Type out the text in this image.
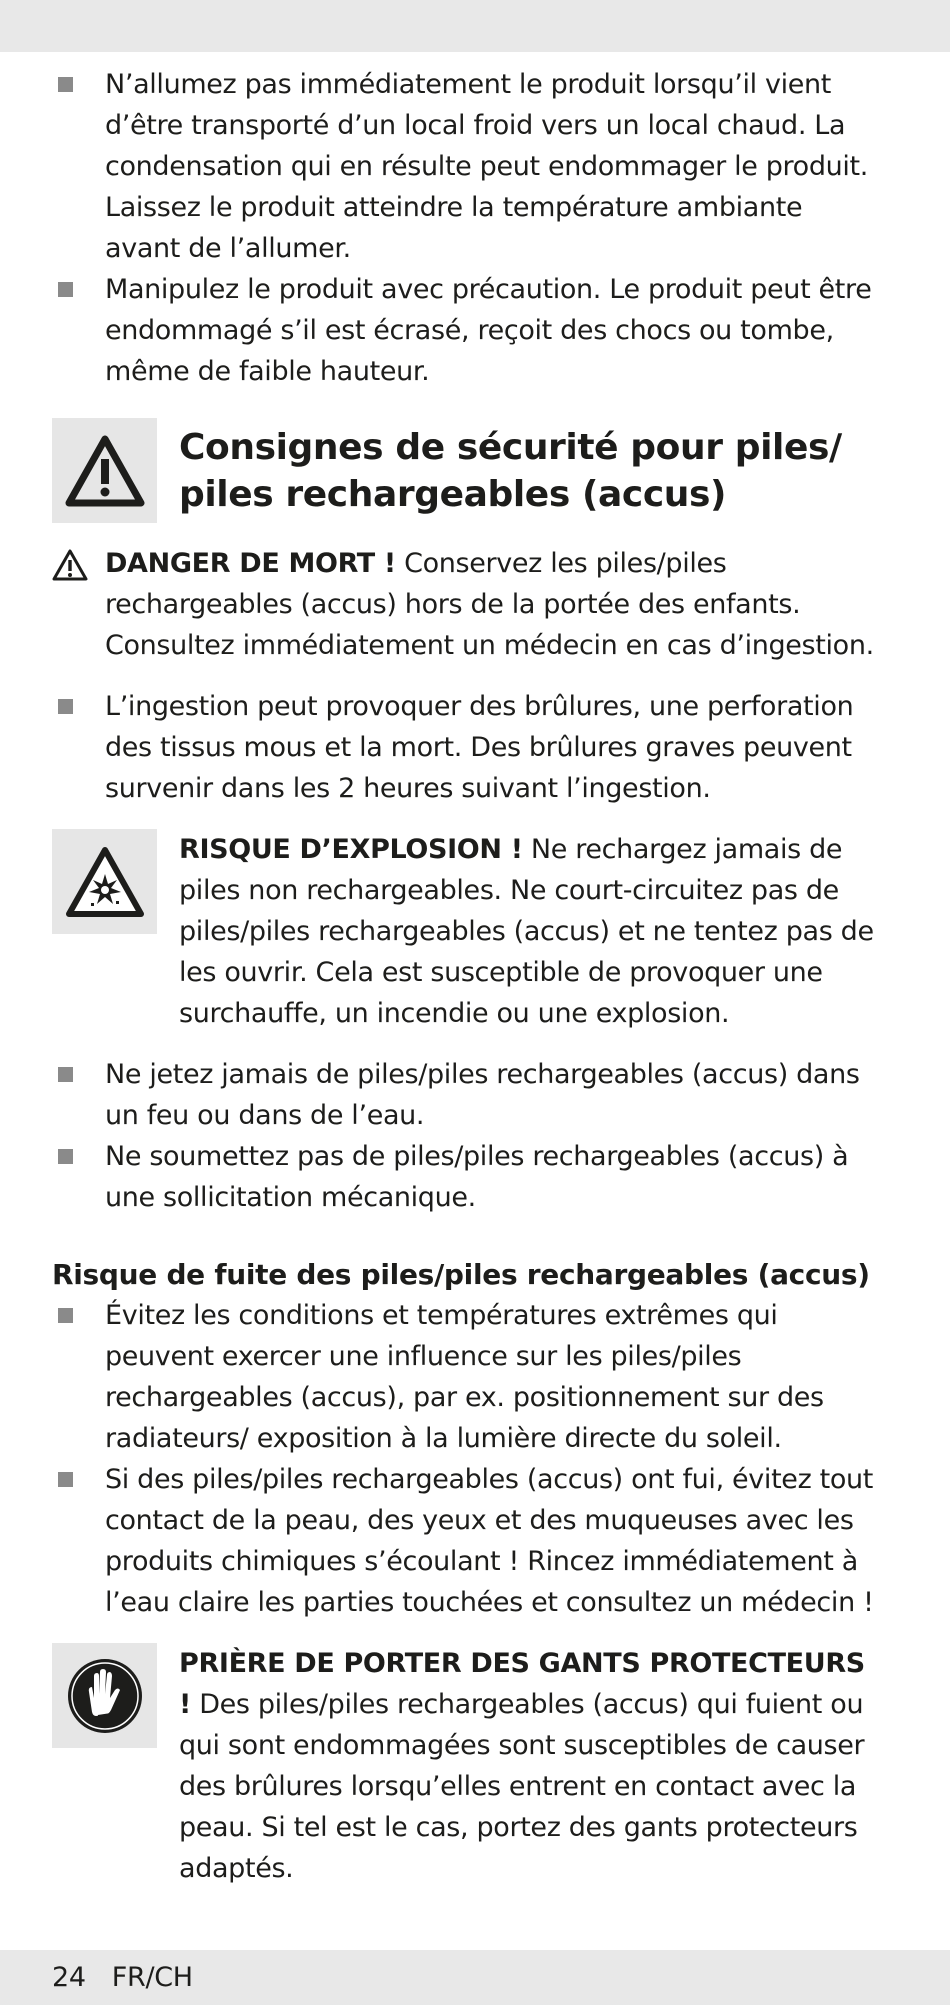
N’allumez pas immédiatement le produit lorsqu’il vient d’être transporté d’un local froid vers un local chaud. La condensation qui en résulte peut endommager le produit. Laissez le produit atteindre la température ambiante avant de l’allumer.
Manipulez le produit avec précaution. Le produit peut être endommagé s’il est écrasé, reçoit des chocs ou tombe, même de faible hauteur.
Consignes de sécurité pour piles/ piles rechargeables (accus)
DANGER DE MORT ! Conservez les piles/piles rechargeables (accus) hors de la portée des enfants. Consultez immédiatement un médecin en cas d’ingestion.
L’ingestion peut provoquer des brûlures, une perforation des tissus mous et la mort. Des brûlures graves peuvent survenir dans les 2 heures suivant l’ingestion.
RISQUE D’EXPLOSION ! Ne rechargez jamais de piles non rechargeables. Ne court-circuitez pas de piles/piles rechargeables (accus) et ne tentez pas de les ouvrir. Cela est susceptible de provoquer une surchauffe, un incendie ou une explosion.
Ne jetez jamais de piles/piles rechargeables (accus) dans un feu ou dans de l’eau.
Ne soumettez pas de piles/piles rechargeables (accus) à une sollicitation mécanique.
Risque de fuite des piles/piles rechargeables (accus)
Évitez les conditions et températures extrêmes qui peuvent exercer une influence sur les piles/piles rechargeables (accus), par ex. positionnement sur des radiateurs/ exposition à la lumière directe du soleil.
Si des piles/piles rechargeables (accus) ont fui, évitez tout contact de la peau, des yeux et des muqueuses avec les produits chimiques s’écoulant ! Rincez immédiatement à l’eau claire les parties touchées et consultez un médecin !
PRIÈRE DE PORTER DES GANTS PROTECTEURS ! Des piles/piles rechargeables (accus) qui fuient ou qui sont endommagées sont susceptibles de causer des brûlures lorsqu’elles entrent en contact avec la peau. Si tel est le cas, portez des gants protecteurs adaptés.
24 FR/CH
